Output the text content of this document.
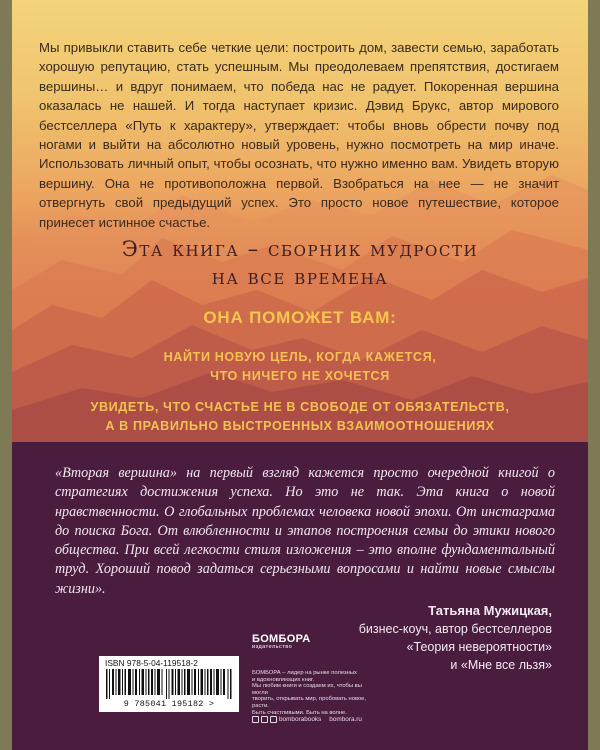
Мы привыкли ставить себе четкие цели: построить дом, завести семью, заработать хорошую репутацию, стать успешным. Мы преодолеваем препятствия, достигаем вершины… и вдруг понимаем, что победа нас не радует. Покоренная вершина оказалась не нашей. И тогда наступает кризис. Дэвид Брукс, автор мирового бестселлера «Путь к характеру», утверждает: чтобы вновь обрести почву под ногами и выйти на абсолютно новый уровень, нужно посмотреть на мир иначе. Использовать личный опыт, чтобы осознать, что нужно именно вам. Увидеть вторую вершину. Она не противоположна первой. Взобраться на нее — не значит отвергнуть свой предыдущий успех. Это просто новое путешествие, которое принесет истинное счастье.

Эта книга – сборник мудрости
на все времена
ОНА ПОМОЖЕТ ВАМ:
НАЙТИ НОВУЮ ЦЕЛЬ, КОГДА КАЖЕТСЯ,
ЧТО НИЧЕГО НЕ ХОЧЕТСЯ
УВИДЕТЬ, ЧТО СЧАСТЬЕ НЕ В СВОБОДЕ ОТ ОБЯЗАТЕЛЬСТВ,
А В ПРАВИЛЬНО ВЫСТРОЕННЫХ ВЗАИМООТНОШЕНИЯХ

«Вторая вершина» на первый взгляд кажется просто очередной книгой о стратегиях достижения успеха. Но это не так. Эта книга о новой нравственности. О глобальных проблемах человека новой эпохи. От инстаграма до поиска Бога. От влюбленности и этапов построения семьи до этики нового общества. При всей легкости стиля изложения – это вполне фундаментальный труд. Хороший повод задаться серьезными вопросами и найти новые смыслы жизни».

Татьяна Мужицкая,
бизнес-коуч, автор бестселлеров
«Теория невероятности»
и «Мне все льзя»
ISBN 978-5-04-119518-2
9 785041 195182 >
БОМБОРА
издательство

БОМБОРА – лидер на рынке полезных

и вдохновляющих книг.

Мы любим книги и создаем их, чтобы вы могли

творить, открывать мир, пробовать новое, расти.

Быть счастливыми. Быть на волне.

bomborabooks bombora.ru
